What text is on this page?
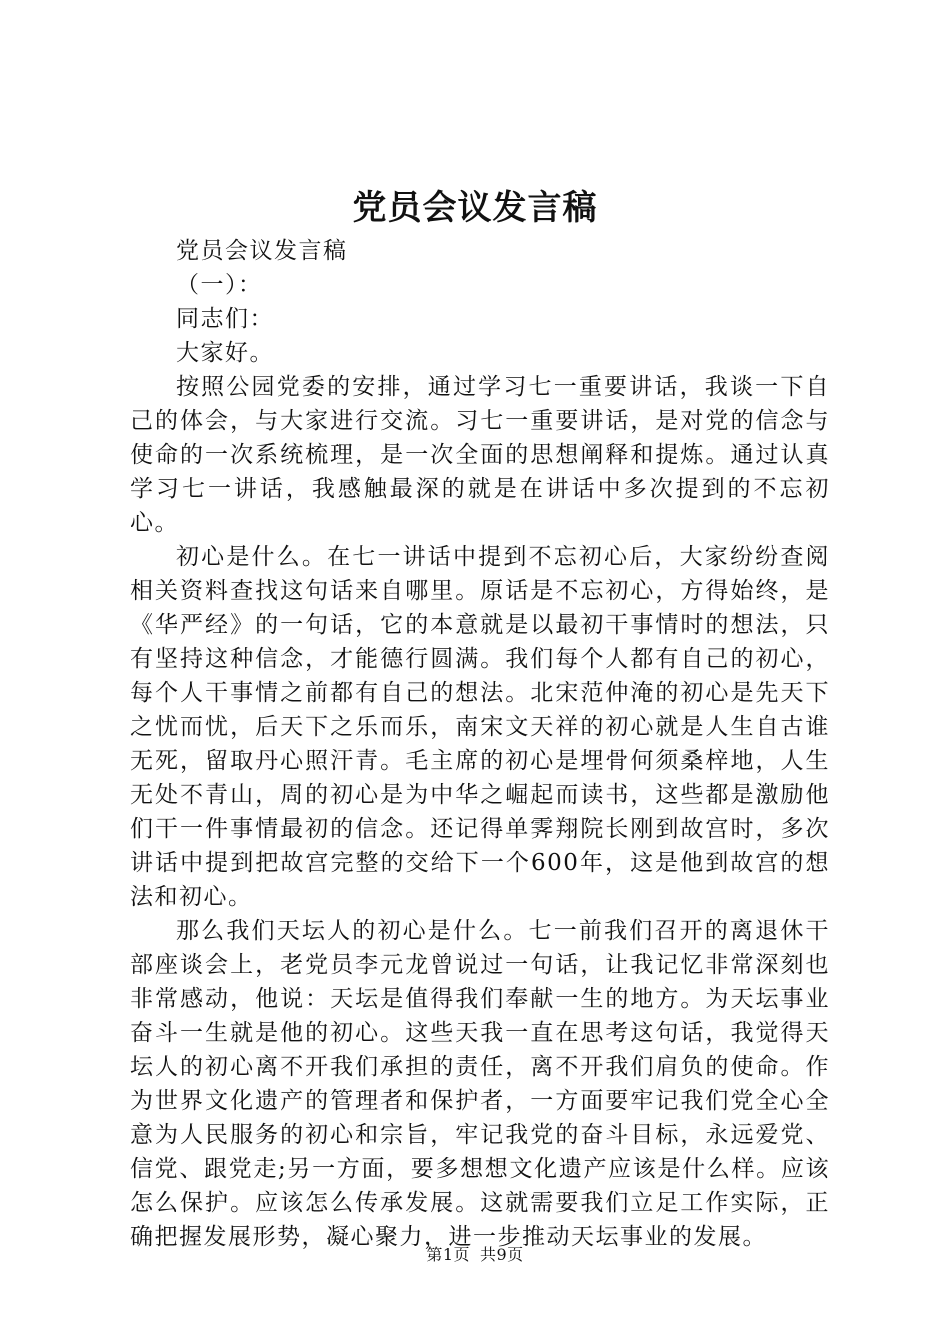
党员会议发言稿

党员会议发言稿

（一）：

同志们：

大家好。

按照公园党委的安排，通过学习七一重要讲话，我谈一下自己的体会，与大家进行交流。习七一重要讲话，是对党的信念与使命的一次系统梳理，是一次全面的思想阐释和提炼。通过认真学习七一讲话，我感触最深的就是在讲话中多次提到的不忘初心。

初心是什么。在七一讲话中提到不忘初心后，大家纷纷查阅相关资料查找这句话来自哪里。原话是不忘初心，方得始终，是《华严经》的一句话，它的本意就是以最初干事情时的想法，只有坚持这种信念，才能德行圆满。我们每个人都有自己的初心，每个人干事情之前都有自己的想法。北宋范仲淹的初心是先天下之忧而忧，后天下之乐而乐，南宋文天祥的初心就是人生自古谁无死，留取丹心照汗青。毛主席的初心是埋骨何须桑梓地，人生无处不青山，周的初心是为中华之崛起而读书，这些都是激励他们干一件事情最初的信念。还记得单霁翔院长刚到故宫时，多次讲话中提到把故宫完整的交给下一个600年，这是他到故宫的想法和初心。

那么我们天坛人的初心是什么。七一前我们召开的离退休干部座谈会上，老党员李元龙曾说过一句话，让我记忆非常深刻也非常感动，他说：天坛是值得我们奉献一生的地方。为天坛事业奋斗一生就是他的初心。这些天我一直在思考这句话，我觉得天坛人的初心离不开我们承担的责任，离不开我们肩负的使命。作为世界文化遗产的管理者和保护者，一方面要牢记我们党全心全意为人民服务的初心和宗旨，牢记我党的奋斗目标，永远爱党、信党、跟党走;另一方面，要多想想文化遗产应该是什么样。应该怎么保护。应该怎么传承发展。这就需要我们立足工作实际，正确把握发展形势，凝心聚力，进一步推动天坛事业的发展。

第1页 共9页
